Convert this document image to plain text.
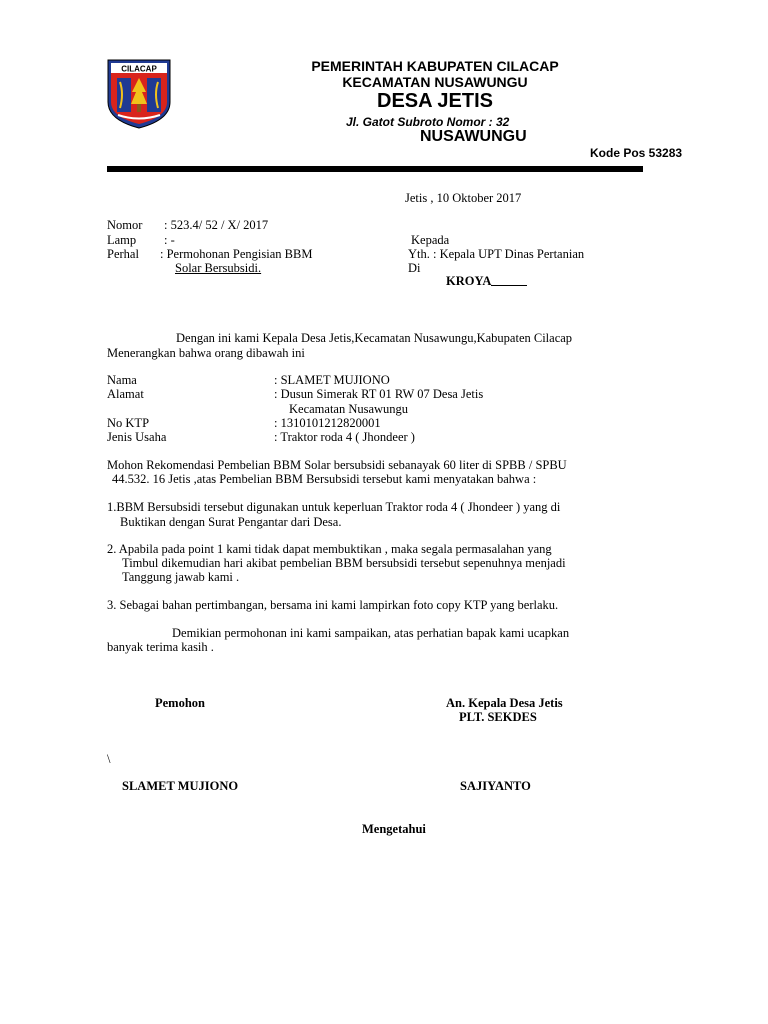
CILACAP	PEMERINTAH KABUPATEN CILACAP
KECAMATAN NUSAWUNGU
DESA JETIS
Jl. Gatot Subroto Nomor : 32
NUSAWUNGU
Kode Pos 53283
Jetis , 10 Oktober 2017
Nomor : 523.4/ 52 / X/ 2017
Lamp : -
Perhal : Permohonan Pengisian BBM
Solar Bersubsidi.
Kepada
Yth. : Kepala UPT Dinas Pertanian
Di
KROYA
Dengan ini kami Kepala Desa Jetis,Kecamatan Nusawungu,Kabupaten Cilacap
Menerangkan bahwa orang dibawah ini
Nama	: SLAMET MUJIONO
Alamat	: Dusun Simerak RT 01 RW 07 Desa Jetis
Kecamatan Nusawungu
No KTP	: 1310101212820001
Jenis Usaha	: Traktor roda 4 ( Jhondeer )
Mohon Rekomendasi Pembelian BBM Solar bersubsidi sebanayak 60 liter di SPBB / SPBU
44.532. 16 Jetis ,atas Pembelian BBM Bersubsidi tersebut kami menyatakan bahwa :
1.BBM Bersubsidi tersebut digunakan untuk keperluan Traktor roda 4 ( Jhondeer ) yang di
Buktikan dengan Surat Pengantar dari Desa.
2. Apabila pada point 1 kami tidak dapat membuktikan , maka segala permasalahan yang
Timbul dikemudian hari akibat pembelian BBM bersubsidi tersebut sepenuhnya menjadi
Tanggung jawab kami .
3. Sebagai bahan pertimbangan, bersama ini kami lampirkan foto copy KTP yang berlaku.
Demikian permohonan ini kami sampaikan, atas perhatian bapak kami ucapkan
banyak terima kasih .
Pemohon	An. Kepala Desa Jetis
PLT. SEKDES
\
SLAMET MUJIONO	SAJIYANTO
Mengetahui
